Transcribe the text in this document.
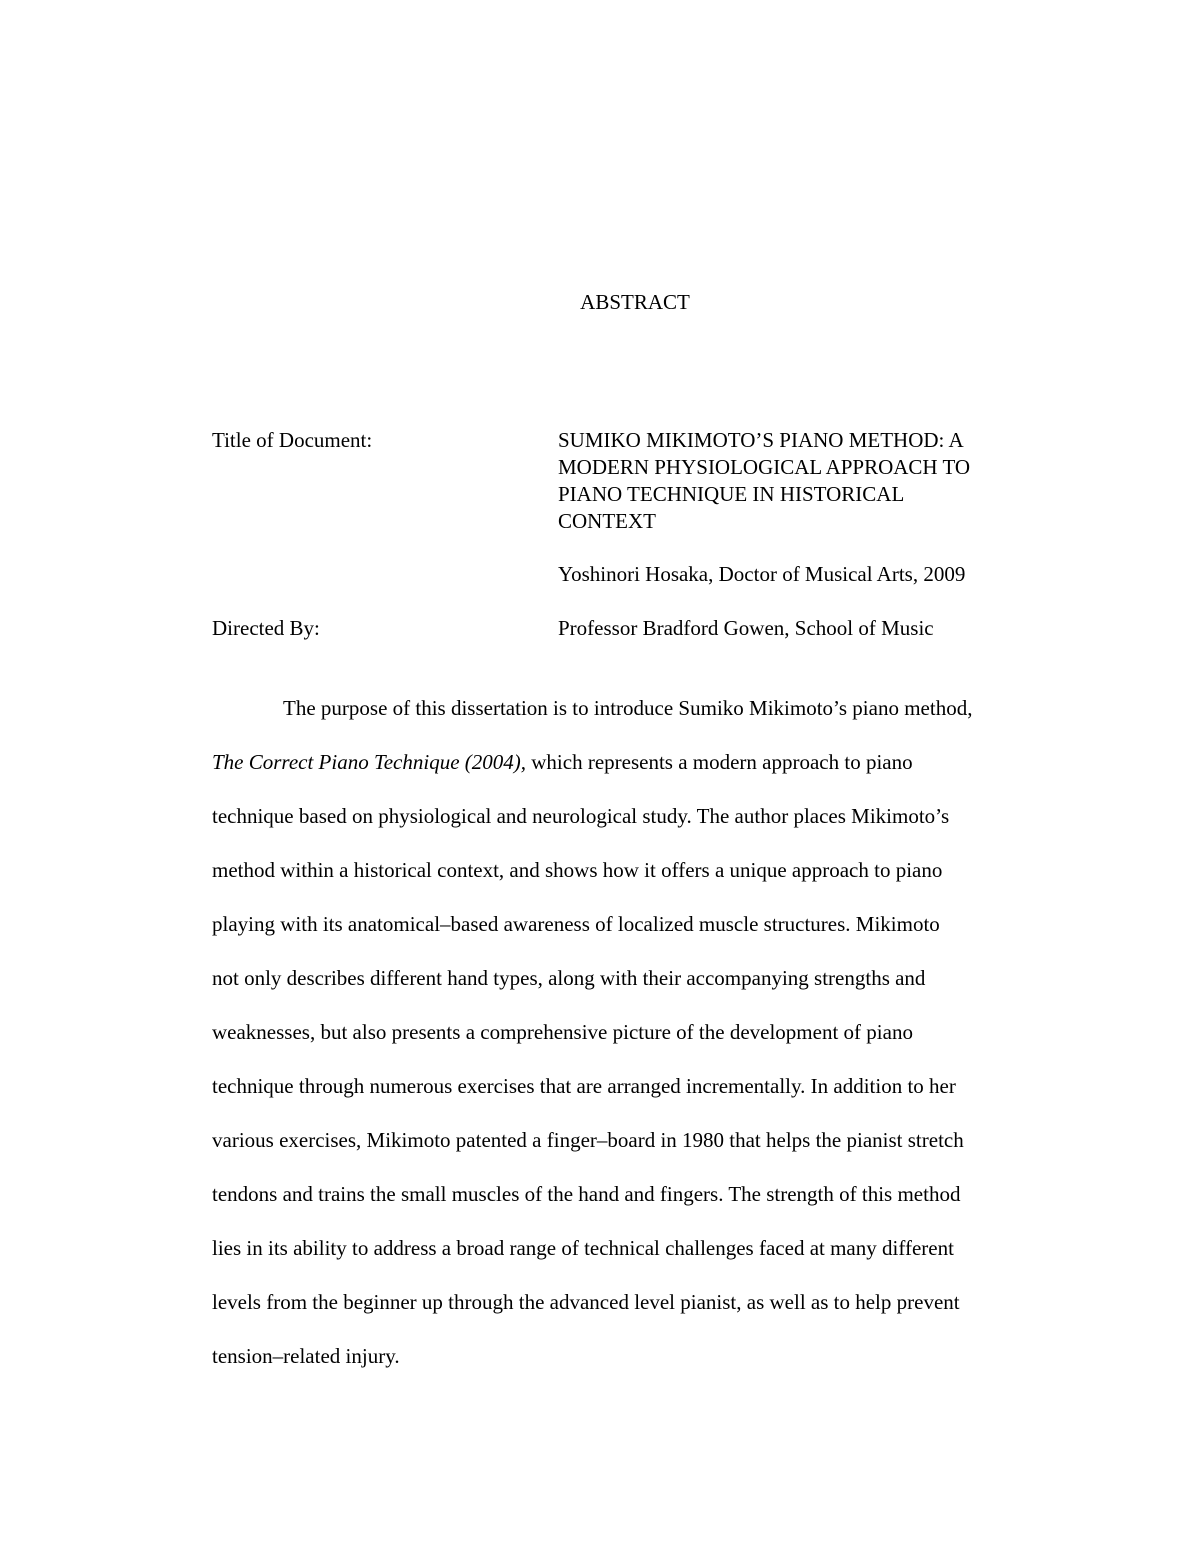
ABSTRACT
Title of Document:	SUMIKO MIKIMOTO’S PIANO METHOD: A
MODERN PHYSIOLOGICAL APPROACH TO
PIANO TECHNIQUE IN HISTORICAL
CONTEXT
Yoshinori Hosaka, Doctor of Musical Arts, 2009
Directed By:	Professor Bradford Gowen, School of Music
The purpose of this dissertation is to introduce Sumiko Mikimoto’s piano method,
The Correct Piano Technique (2004), which represents a modern approach to piano
technique based on physiological and neurological study. The author places Mikimoto’s
method within a historical context, and shows how it offers a unique approach to piano
playing with its anatomical–based awareness of localized muscle structures. Mikimoto
not only describes different hand types, along with their accompanying strengths and
weaknesses, but also presents a comprehensive picture of the development of piano
technique through numerous exercises that are arranged incrementally. In addition to her
various exercises, Mikimoto patented a finger–board in 1980 that helps the pianist stretch
tendons and trains the small muscles of the hand and fingers. The strength of this method
lies in its ability to address a broad range of technical challenges faced at many different
levels from the beginner up through the advanced level pianist, as well as to help prevent
tension–related injury.
